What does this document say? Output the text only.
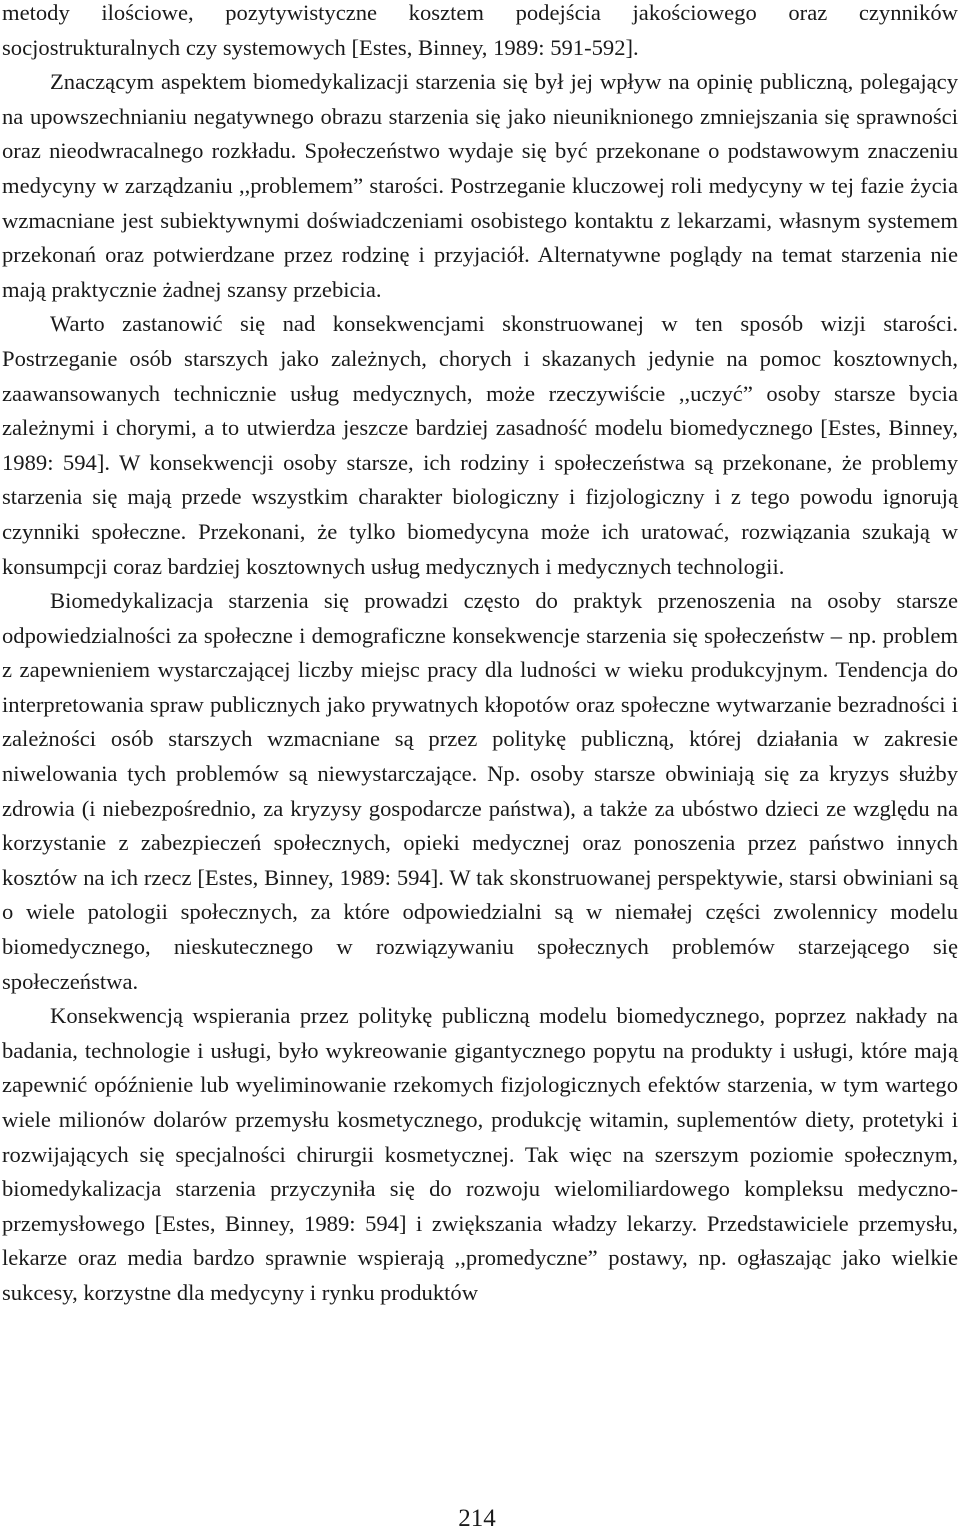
metody ilościowe, pozytywistyczne kosztem podejścia jakościowego oraz czynników socjostrukturalnych czy systemowych [Estes, Binney, 1989: 591-592].

Znaczącym aspektem biomedykalizacji starzenia się był jej wpływ na opinię publiczną, polegający na upowszechnianiu negatywnego obrazu starzenia się jako nieuniknionego zmniejszania się sprawności oraz nieodwracalnego rozkładu. Społeczeństwo wydaje się być przekonane o podstawowym znaczeniu medycyny w zarządzaniu ,,problemem” starości. Postrzeganie kluczowej roli medycyny w tej fazie życia wzmacniane jest subiektywnymi doświadczeniami osobistego kontaktu z lekarzami, własnym systemem przekonań oraz potwierdzane przez rodzinę i przyjaciół. Alternatywne poglądy na temat starzenia nie mają praktycznie żadnej szansy przebicia.

Warto zastanowić się nad konsekwencjami skonstruowanej w ten sposób wizji starości. Postrzeganie osób starszych jako zależnych, chorych i skazanych jedynie na pomoc kosztownych, zaawansowanych technicznie usług medycznych, może rzeczywiście ,,uczyć” osoby starsze bycia zależnymi i chorymi, a to utwierdza jeszcze bardziej zasadność modelu biomedycznego [Estes, Binney, 1989: 594]. W konsekwencji osoby starsze, ich rodziny i społeczeństwa są przekonane, że problemy starzenia się mają przede wszystkim charakter biologiczny i fizjologiczny i z tego powodu ignorują czynniki społeczne. Przekonani, że tylko biomedycyna może ich uratować, rozwiązania szukają w konsumpcji coraz bardziej kosztownych usług medycznych i medycznych technologii.

Biomedykalizacja starzenia się prowadzi często do praktyk przenoszenia na osoby starsze odpowiedzialności za społeczne i demograficzne konsekwencje starzenia się społeczeństw – np. problem z zapewnieniem wystarczającej liczby miejsc pracy dla ludności w wieku produkcyjnym. Tendencja do interpretowania spraw publicznych jako prywatnych kłopotów oraz społeczne wytwarzanie bezradności i zależności osób starszych wzmacniane są przez politykę publiczną, której działania w zakresie niwelowania tych problemów są niewystarczające. Np. osoby starsze obwiniają się za kryzys służby zdrowia (i niebezpośrednio, za kryzysy gospodarcze państwa), a także za ubóstwo dzieci ze względu na korzystanie z zabezpieczeń społecznych, opieki medycznej oraz ponoszenia przez państwo innych kosztów na ich rzecz [Estes, Binney, 1989: 594]. W tak skonstruowanej perspektywie, starsi obwiniani są o wiele patologii społecznych, za które odpowiedzialni są w niemałej części zwolennicy modelu biomedycznego, nieskutecznego w rozwiązywaniu społecznych problemów starzejącego się społeczeństwa.

Konsekwencją wspierania przez politykę publiczną modelu biomedycznego, poprzez nakłady na badania, technologie i usługi, było wykreowanie gigantycznego popytu na produkty i usługi, które mają zapewnić opóźnienie lub wyeliminowanie rzekomych fizjologicznych efektów starzenia, w tym wartego wiele milionów dolarów przemysłu kosmetycznego, produkcję witamin, suplementów diety, protetyki i rozwijających się specjalności chirurgii kosmetycznej. Tak więc na szerszym poziomie społecznym, biomedykalizacja starzenia przyczyniła się do rozwoju wielomiliardowego kompleksu medyczno-przemysłowego [Estes, Binney, 1989: 594] i zwiększania władzy lekarzy. Przedstawiciele przemysłu, lekarze oraz media bardzo sprawnie wspierają ,,promedyczne” postawy, np. ogłaszając jako wielkie sukcesy, korzystne dla medycyny i rynku produktów

214
